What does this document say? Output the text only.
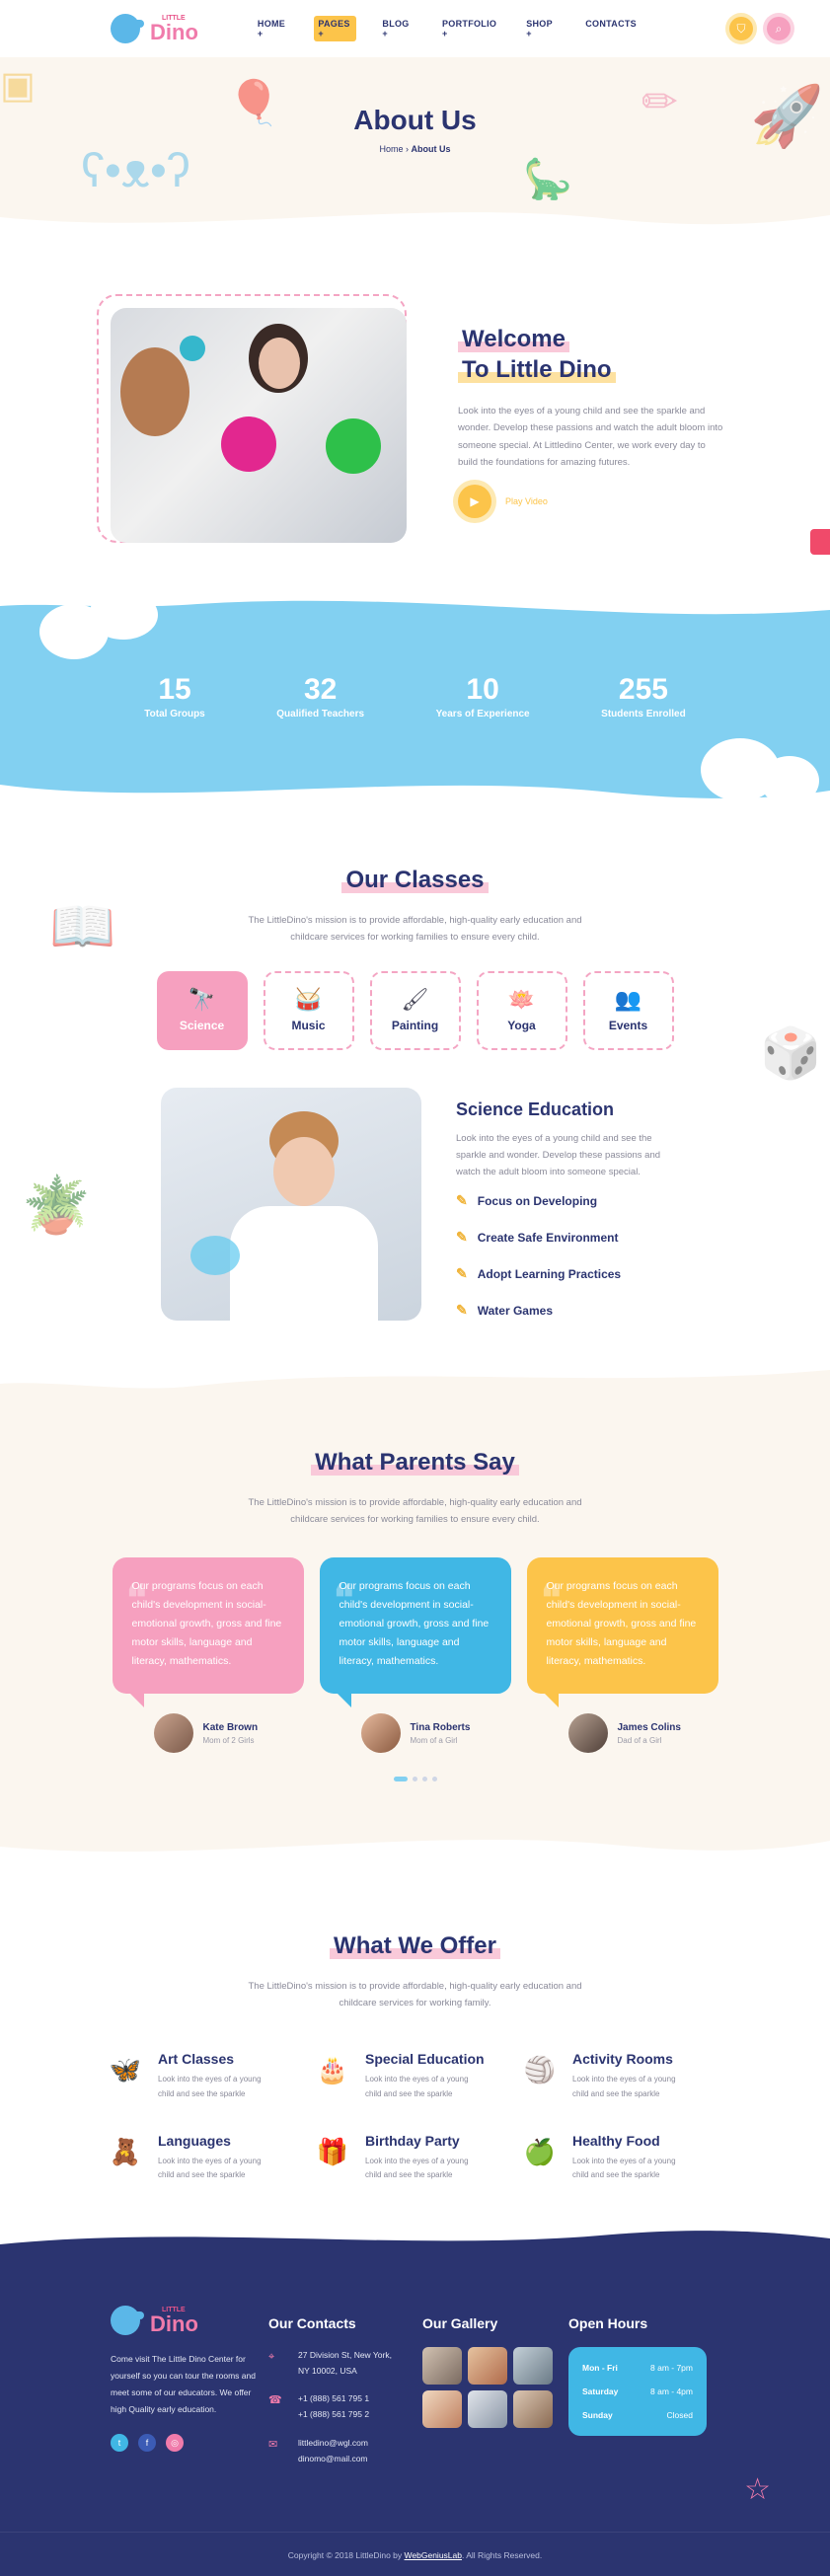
LITTLE
Dino	HOME +
PAGES +
BLOG +
PORTFOLIO +
SHOP +
CONTACTS	⛉	⌕
▣
ʕ•ᴥ•ʔ
🎈
🦕
✏ 🚀
About Us
Home › About Us
Welcome
To Little Dino

Look into the eyes of a young child and see the sparkle and wonder. Develop these passions and watch the adult bloom into someone special. At Littledino Center, we work every day to build the foundations for amazing futures.

▶	Play Video
15
Total Groups
32
Qualified Teachers
10
Years of Experience
255
Students Enrolled
📖
🪴
🎲
Our Classes

The LittleDino's mission is to provide affordable, high-quality early education and childcare services for working families to ensure every child.

🔭
Science
🥁
Music
🖌
Painting
🪷
Yoga
👥
Events
Science Education

Look into the eyes of a young child and see the sparkle and wonder. Develop these passions and watch the adult bloom into someone special.

✎ Focus on Developing
✎ Create Safe Environment
✎ Adopt Learning Practices
✎ Water Games
What Parents Say

The LittleDino's mission is to provide affordable, high-quality early education and childcare services for working families to ensure every child.

❝
Our programs focus on each child's development in social-emotional growth, gross and fine motor skills, language and literacy, mathematics.
Kate Brown
Mom of 2 Girls
❝
Our programs focus on each child's development in social-emotional growth, gross and fine motor skills, language and literacy, mathematics.
Tina Roberts
Mom of a Girl
❝
Our programs focus on each child's development in social-emotional growth, gross and fine motor skills, language and literacy, mathematics.
James Colins
Dad of a Girl
What We Offer

The LittleDino's mission is to provide affordable, high-quality early education and childcare services for working family.

🦋 Art Classes

Look into the eyes of a young child and see the sparkle

🎂 Special Education

Look into the eyes of a young child and see the sparkle

🏐 Activity Rooms

Look into the eyes of a young child and see the sparkle

🧸 Languages

Look into the eyes of a young child and see the sparkle

🎁 Birthday Party

Look into the eyes of a young child and see the sparkle

🍏 Healthy Food

Look into the eyes of a young child and see the sparkle

LITTLE
Dino

Come visit The Little Dino Center for yourself so you can tour the rooms and meet some of our educators. We offer high Quality early education.

t	f	◎
Our Contacts
⌖	27 Division St, New York, NY 10002, USA
☎ +1 (888) 561 795 1
+1 (888) 561 795 2
✉	littledino@wgl.com
dinomo@mail.com
Our Gallery	Open Hours
Mon - Fri	8 am - 7pm
Saturday	8 am - 4pm
Sunday	Closed
☆
Copyright © 2018 LittleDino by WebGeniusLab. All Rights Reserved.
